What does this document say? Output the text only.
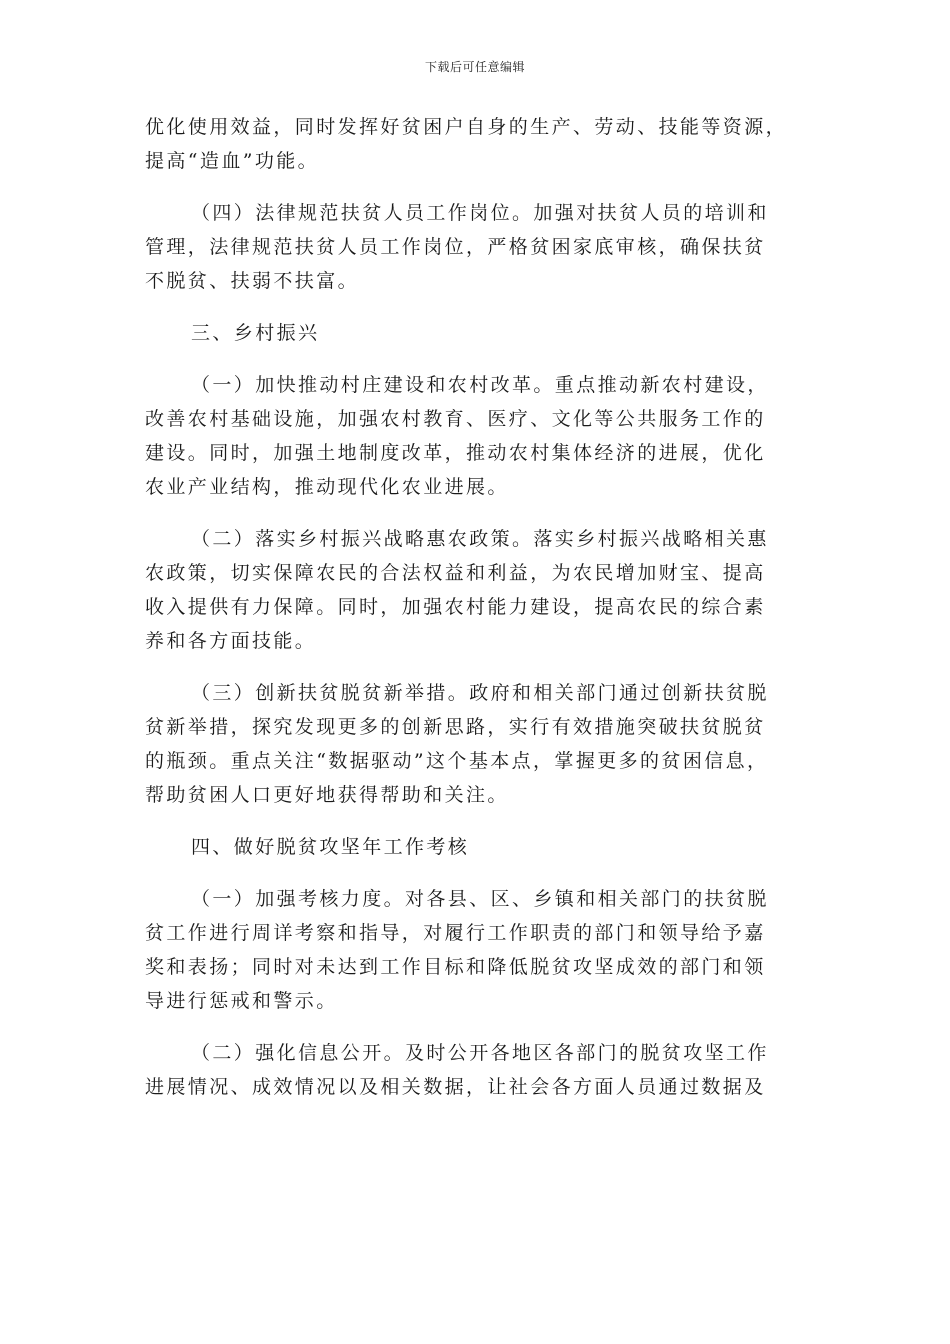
下载后可任意编辑
优化使用效益，同时发挥好贫困户自身的生产、劳动、技能等资源，
提高“造血”功能。
（四）法律规范扶贫人员工作岗位。加强对扶贫人员的培训和
管理，法律规范扶贫人员工作岗位，严格贫困家底审核，确保扶贫
不脱贫、扶弱不扶富。
三、乡村振兴
（一）加快推动村庄建设和农村改革。重点推动新农村建设，
改善农村基础设施，加强农村教育、医疗、文化等公共服务工作的
建设。同时，加强土地制度改革，推动农村集体经济的进展，优化
农业产业结构，推动现代化农业进展。
（二）落实乡村振兴战略惠农政策。落实乡村振兴战略相关惠
农政策，切实保障农民的合法权益和利益，为农民增加财宝、提高
收入提供有力保障。同时，加强农村能力建设，提高农民的综合素
养和各方面技能。
（三）创新扶贫脱贫新举措。政府和相关部门通过创新扶贫脱
贫新举措，探究发现更多的创新思路，实行有效措施突破扶贫脱贫
的瓶颈。重点关注“数据驱动”这个基本点，掌握更多的贫困信息，
帮助贫困人口更好地获得帮助和关注。
四、做好脱贫攻坚年工作考核
（一）加强考核力度。对各县、区、乡镇和相关部门的扶贫脱
贫工作进行周详考察和指导，对履行工作职责的部门和领导给予嘉
奖和表扬；同时对未达到工作目标和降低脱贫攻坚成效的部门和领
导进行惩戒和警示。
（二）强化信息公开。及时公开各地区各部门的脱贫攻坚工作
进展情况、成效情况以及相关数据，让社会各方面人员通过数据及
